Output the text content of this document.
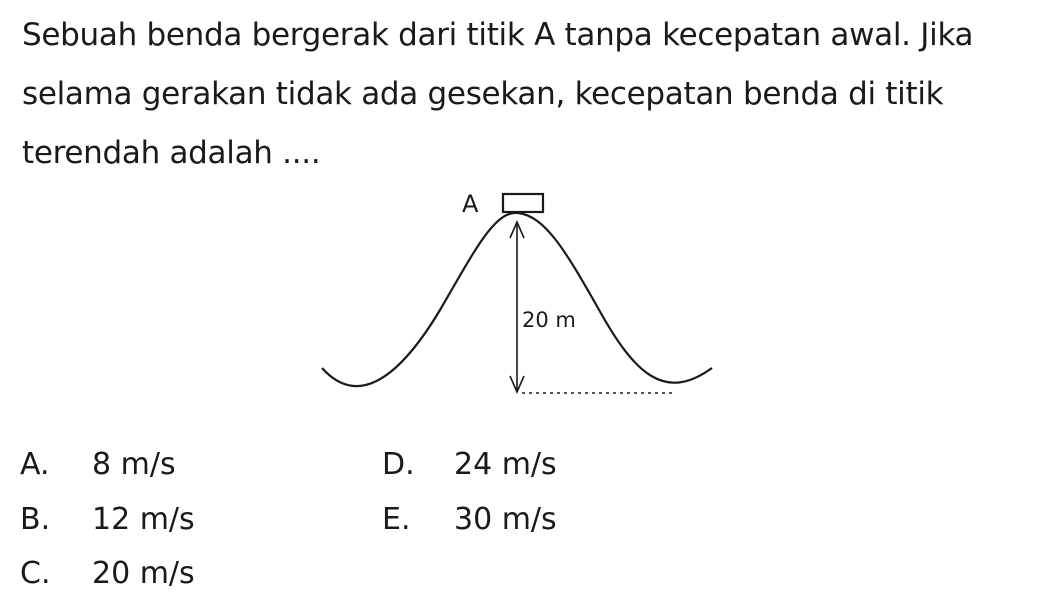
Sebuah benda bergerak dari titik A tanpa kecepatan awal. Jika selama gerakan tidak ada gesekan, kecepatan benda di titik terendah adalah ....

A
20 m
A. 8 m/s
B. 12 m/s
C. 20 m/s
D. 24 m/s
E. 30 m/s
